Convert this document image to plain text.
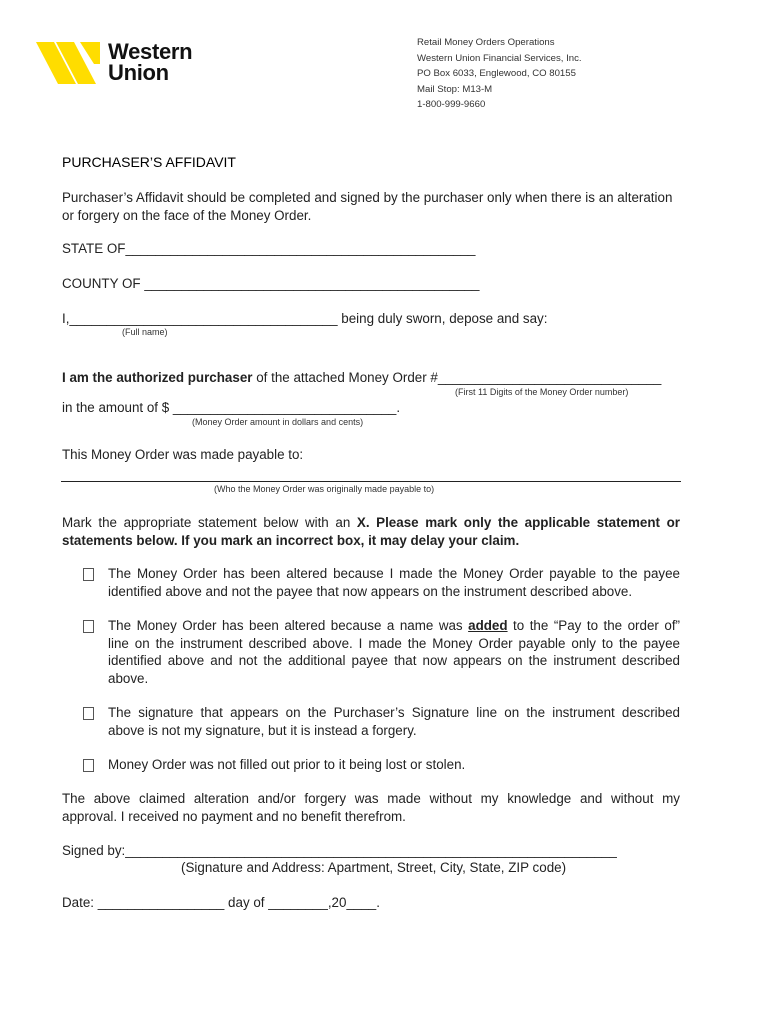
Western
Union
Retail Money Orders Operations
Western Union Financial Services, Inc.
PO Box 6033, Englewood, CO 80155
Mail Stop: M13-M
1-800-999-9660
PURCHASER’S AFFIDAVIT
Purchaser’s Affidavit should be completed and signed by the purchaser only when there is an alteration
or forgery on the face of the Money Order.
STATE OF_______________________________________________
COUNTY OF _____________________________________________
I,____________________________________ being duly sworn, depose and say:
(Full name)
I am the authorized purchaser of the attached Money Order #______________________________
(First 11 Digits of the Money Order number)
in the amount of $ ______________________________.
(Money Order amount in dollars and cents)
This Money Order was made payable to:
(Who the Money Order was originally made payable to)
Mark the appropriate statement below with an X. Please mark only the applicable statement or
statements below. If you mark an incorrect box, it may delay your claim.
The Money Order has been altered because I made the Money Order payable to the payee
identified above and not the payee that now appears on the instrument described above.
The Money Order has been altered because a name was added to the “Pay to the order of”
line on the instrument described above. I made the Money Order payable only to the payee
identified above and not the additional payee that now appears on the instrument described
above.
The signature that appears on the Purchaser’s Signature line on the instrument described
above is not my signature, but it is instead a forgery.
Money Order was not filled out prior to it being lost or stolen.
The above claimed alteration and/or forgery was made without my knowledge and without my
approval. I received no payment and no benefit therefrom.
Signed by:__________________________________________________________________
(Signature and Address: Apartment, Street, City, State, ZIP code)
Date: _________________ day of ________,20____.
